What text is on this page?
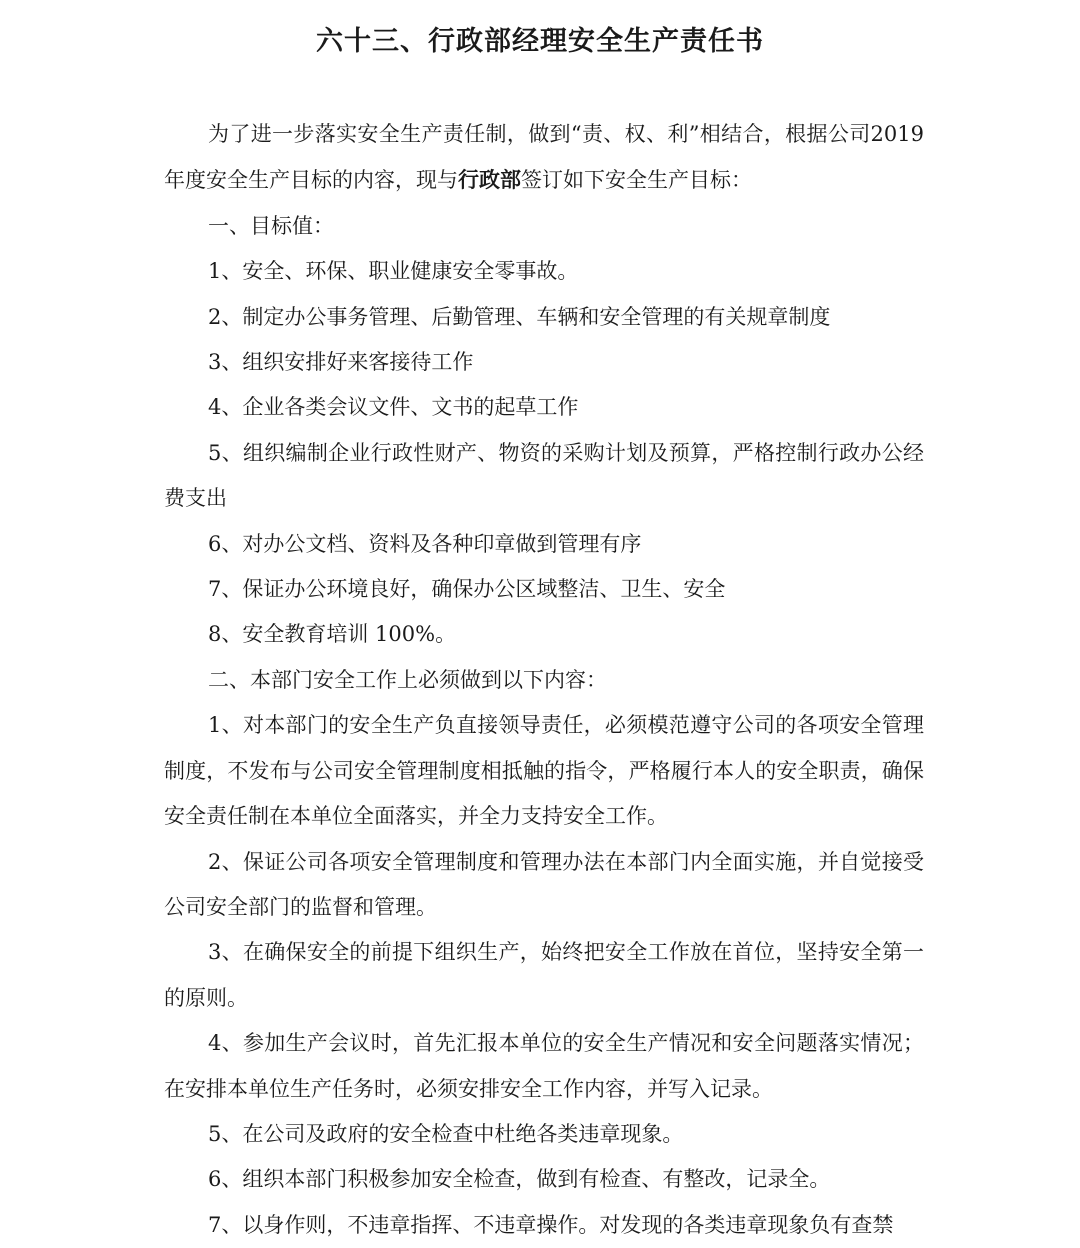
六十三、行政部经理安全生产责任书

为了进一步落实安全生产责任制，做到“责、权、利”相结合，根据公司2019 年度安全生产目标的内容，现与行政部签订如下安全生产目标：

一、目标值：

1、安全、环保、职业健康安全零事故。

2、制定办公事务管理、后勤管理、车辆和安全管理的有关规章制度

3、组织安排好来客接待工作

4、企业各类会议文件、文书的起草工作

5、组织编制企业行政性财产、物资的采购计划及预算，严格控制行政办公经费支出

6、对办公文档、资料及各种印章做到管理有序

7、保证办公环境良好，确保办公区域整洁、卫生、安全

8、安全教育培训 100%。

二、本部门安全工作上必须做到以下内容：

1、对本部门的安全生产负直接领导责任，必须模范遵守公司的各项安全管理制度，不发布与公司安全管理制度相抵触的指令，严格履行本人的安全职责，确保安全责任制在本单位全面落实，并全力支持安全工作。

2、保证公司各项安全管理制度和管理办法在本部门内全面实施，并自觉接受公司安全部门的监督和管理。

3、在确保安全的前提下组织生产，始终把安全工作放在首位，坚持安全第一的原则。

4、参加生产会议时，首先汇报本单位的安全生产情况和安全问题落实情况；在安排本单位生产任务时，必须安排安全工作内容，并写入记录。

5、在公司及政府的安全检查中杜绝各类违章现象。

6、组织本部门积极参加安全检查，做到有检查、有整改，记录全。

7、以身作则，不违章指挥、不违章操作。对发现的各类违章现象负有查禁
